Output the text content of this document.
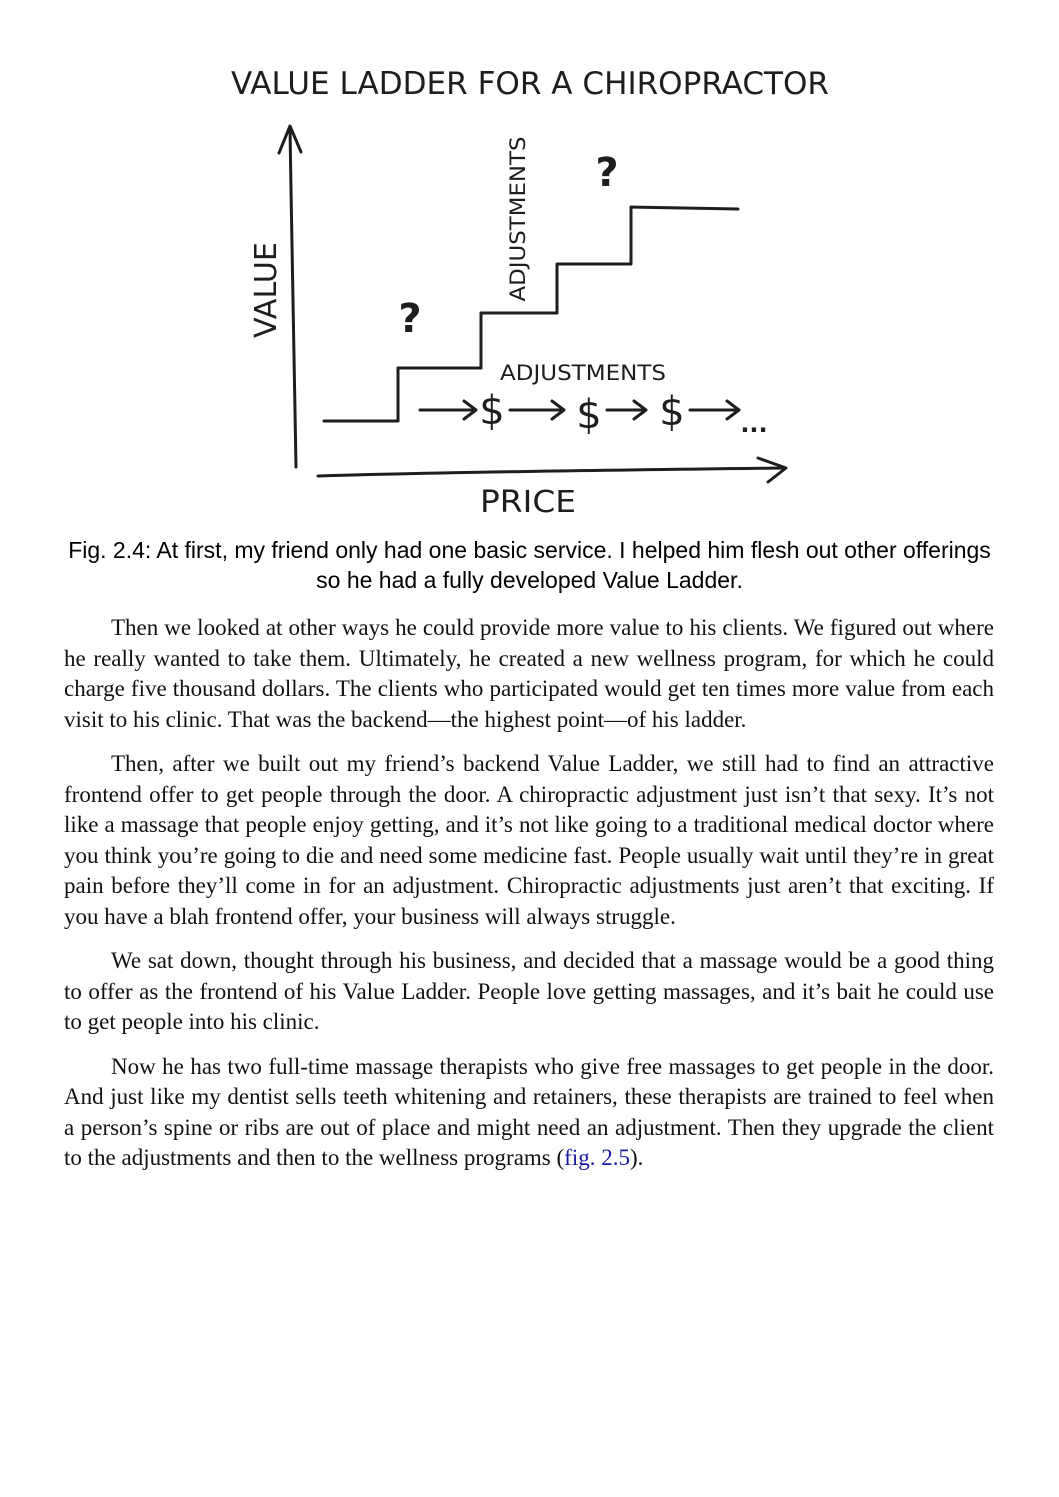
VALUE LADDER FOR A CHIROPRACTOR
VALUE
PRICE
?
?
ADJUSTMENTS
ADJUSTMENTS
$ $ $ ...
Fig. 2.4: At first, my friend only had one basic service. I helped him flesh out other offerings so he had a fully developed Value Ladder.

Then we looked at other ways he could provide more value to his clients. We figured out where he really wanted to take them. Ultimately, he created a new wellness program, for which he could charge five thousand dollars. The clients who participated would get ten times more value from each visit to his clinic. That was the backend—the highest point—of his ladder.

Then, after we built out my friend’s backend Value Ladder, we still had to find an attractive frontend offer to get people through the door. A chiropractic adjustment just isn’t that sexy. It’s not like a massage that people enjoy getting, and it’s not like going to a traditional medical doctor where you think you’re going to die and need some medicine fast. People usually wait until they’re in great pain before they’ll come in for an adjustment. Chiropractic adjustments just aren’t that exciting. If you have a blah frontend offer, your business will always struggle.

We sat down, thought through his business, and decided that a massage would be a good thing to offer as the frontend of his Value Ladder. People love getting massages, and it’s bait he could use to get people into his clinic.

Now he has two full-time massage therapists who give free massages to get people in the door. And just like my dentist sells teeth whitening and retainers, these therapists are trained to feel when a person’s spine or ribs are out of place and might need an adjustment. Then they upgrade the client to the adjustments and then to the wellness programs (fig. 2.5).
